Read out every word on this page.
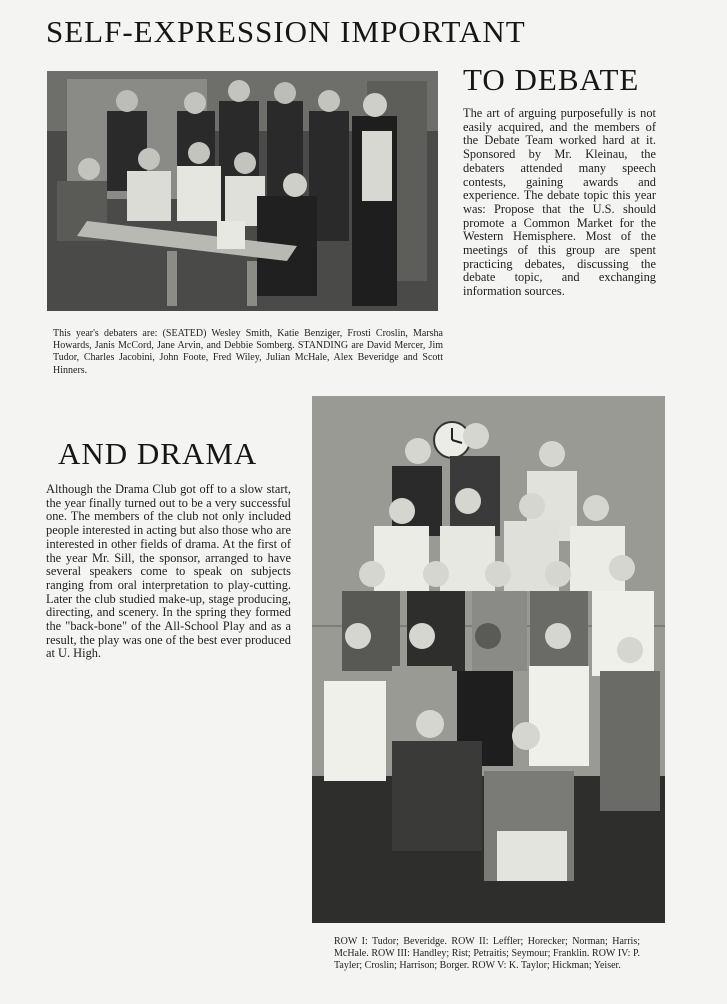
SELF-EXPRESSION IMPORTANT
TO DEBATE

The art of arguing purposefully is not easily acquired, and the members of the Debate Team worked hard at it. Sponsored by Mr. Kleinau, the debaters attended many speech contests, gaining awards and experience. The debate topic this year was: Propose that the U.S. should promote a Common Market for the Western Hemisphere. Most of the meetings of this group are spent practicing debates, discussing the debate topic, and exchanging information sources.

This year's debaters are: (SEATED) Wesley Smith, Katie Benziger, Frosti Croslin, Marsha Howards, Janis McCord, Jane Arvin, and Debbie Somberg. STANDING are David Mercer, Jim Tudor, Charles Jacobini, John Foote, Fred Wiley, Julian McHale, Alex Beveridge and Scott Hinners.

AND DRAMA

Although the Drama Club got off to a slow start, the year finally turned out to be a very successful one. The members of the club not only included people interested in acting but also those who are interested in other fields of drama. At the first of the year Mr. Sill, the sponsor, arranged to have several speakers come to speak on subjects ranging from oral interpretation to play-cutting. Later the club studied make-up, stage producing, directing, and scenery. In the spring they formed the "back-bone" of the All-School Play and as a result, the play was one of the best ever produced at U. High.

ROW I: Tudor; Beveridge. ROW II: Leffler; Horecker; Norman; Harris; McHale. ROW III: Handley; Rist; Petraitis; Seymour; Franklin. ROW IV: P. Tayler; Croslin; Harrison; Borger. ROW V: K. Taylor; Hickman; Yeiser.
